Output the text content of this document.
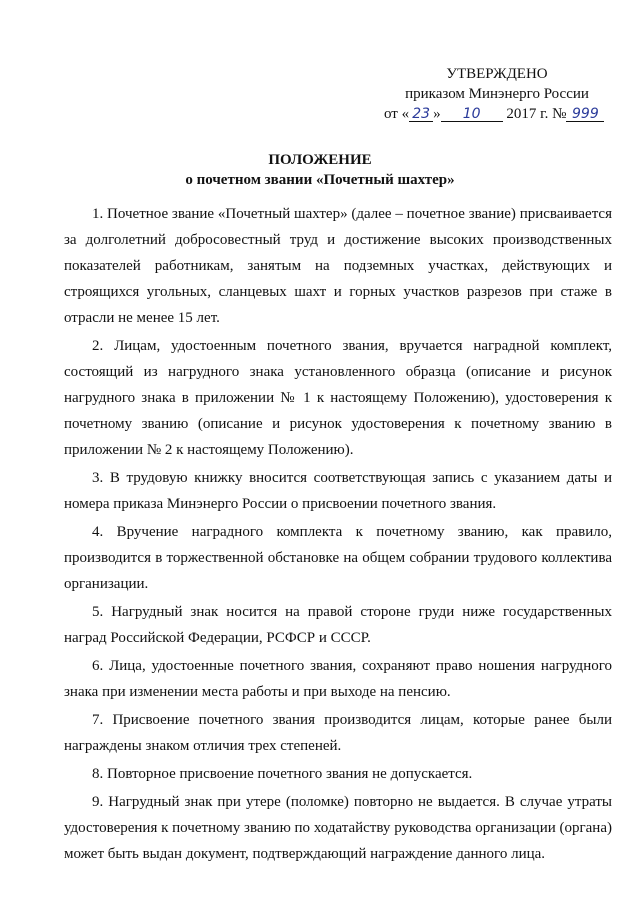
УТВЕРЖДЕНО
приказом Минэнерго России
от « 23 » 10 2017 г. № 999
ПОЛОЖЕНИЕ
о почетном звании «Почетный шахтер»

1. Почетное звание «Почетный шахтер» (далее – почетное звание) присваивается за долголетний добросовестный труд и достижение высоких производственных показателей работникам, занятым на подземных участках, действующих и строящихся угольных, сланцевых шахт и горных участков разрезов при стаже в отрасли не менее 15 лет.

2. Лицам, удостоенным почетного звания, вручается наградной комплект, состоящий из нагрудного знака установленного образца (описание и рисунок нагрудного знака в приложении № 1 к настоящему Положению), удостоверения к почетному званию (описание и рисунок удостоверения к почетному званию в приложении № 2 к настоящему Положению).

3. В трудовую книжку вносится соответствующая запись с указанием даты и номера приказа Минэнерго России о присвоении почетного звания.

4. Вручение наградного комплекта к почетному званию, как правило, производится в торжественной обстановке на общем собрании трудового коллектива организации.

5. Нагрудный знак носится на правой стороне груди ниже государственных наград Российской Федерации, РСФСР и СССР.

6. Лица, удостоенные почетного звания, сохраняют право ношения нагрудного знака при изменении места работы и при выходе на пенсию.

7. Присвоение почетного звания производится лицам, которые ранее были награждены знаком отличия трех степеней.

8. Повторное присвоение почетного звания не допускается.

9. Нагрудный знак при утере (поломке) повторно не выдается. В случае утраты удостоверения к почетному званию по ходатайству руководства организации (органа) может быть выдан документ, подтверждающий награждение данного лица.
